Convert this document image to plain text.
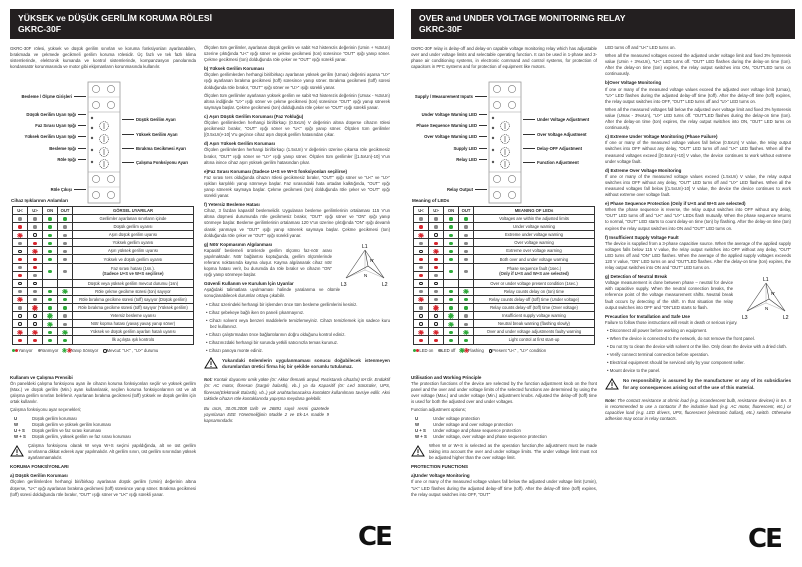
YÜKSEK ve DÜŞÜK GERİLİM KORUMA RÖLESİ
GKRC-30F
GKRC-30F rölesi, yüksek ve düşük gerilim sınırları ve koruma fonksiyonları ayarlanabilen, bırakmada ve çekmede gecikmeli gerilim koruma rölesidir. Üç fazlı ve tek fazlı klima sistemlerinde, elektronik kumanda ve kontrol sistemlerinde, kompanzasyon panolarında kondansatör korunmasında ve motor gibi ekipmanların korunmasında kullanılır.
Besleme / Ölçme Girişleri
Düşük Gerilim Uyarı Işığı
Faz Sırası Uyarı Işığı
Yüksek Gerilim Uyarı Işığı
Besleme Işığı
Röle Işığı
Röle Çıkışı
Düşük Gerilim Ayarı
Yüksek Gerilim Ayarı
Bırakma Gecikmesi Ayarı
Çalışma Fonksiyonu Ayarı
Cihaz Işıklarının Anlamları
U<	U>	ON	OUT	GÖRSEL UYARILAR
				Gerilimler ayarlanan sınırların içinde
				Düşük gerilim uyarısı
				Aşırı düşük gerilim uyarısı
				Yüksek gerilim uyarısı
				Aşırı yüksek gerilim uyarısı
				Yüksek ve düşük gerilim uyarısı

				Faz sırası hatası (1sn.).
(Sadece U+S ve W+S seçilirse)

				Düşük veya yüksek gerilim mevcut durumu (1sn)
				Röle çekme gecikme süresi (ton) sayıyor
				Röle bırakma gecikme süresi (toff) sayıyor (Düşük gerilim)
				Röle bırakma gecikme süresi (toff) sayıyor (Yüksek gerilim)
				Yetersiz besleme uyarısı
				Nötr kopma hatası (yavaş yavaş yanıp söner)
				Yüksek ve düşük gerilim ayarları hatalı uyarısı
				İlk açılışta ışık kontrolü
Yanıyor	Yanmıyor	Yanıp Sönüyor	Mevcut: "U<" , "U>" durumu
Kullanım ve Çalışma Prensibi

Ön paneldeki çalışma fonksiyonu ayarı ile cihazın koruma fonksiyonları seçilir ve yüksek gerilim (Max.) ve düşük gerilim (Min.) ayarı kullanılarak, seçilen koruma fonksiyonlarının üst ve alt çalışma gerilim sınırları belirlenir. Ayarlanan bırakma gecikmesi (toff) yüksek ve düşük gerilim için ortak kullanılır.

Çalışma fonksiyonu ayar seçenekleri;

U	Düşük gerilim koruması
W	Düşük gerilim ve yüksek gerilim koruması
U + S	Düşük gerilim ve faz sırası koruması
W + S	Düşük gerilim, yüksek gerilim ve faz sırası koruması
Çalışma fonksiyonu olarak W veya W+S seçimi yapıldığında, alt ve üst gerilim sınırlarına dikkat ederek ayar yapılmalıdır. Alt gerilim sınırı, üst gerilim sınırından yüksek ayarlanmamalıdır.
KORUMA FONKSİYONLARI
a) Düşük Gerilim Koruması

Ölçülen gerilimlerden herhangi biri/birkaçı ayarlanan düşük gerilim (Umin) değerinin altına düşerse, "U<" ışığı ayarlanan bırakma gecikmesi (toff) süresince yanıp söner. Bırakma gecikmesi (toff) süresi dolduğunda röle bırakır, "OUT" ışığı söner ve "U<" ışığı sürekli yanar.

Ölçülen tüm gerilimler, ayarlanan düşük gerilim ve sabit %3 histerezis değerinin (Umin + %3xUn) üzerine çıktığında "U<" ışığı söner ve çekme gecikmesi (ton) süresince "OUT" ışığı yanıp söner. Çekme gecikmesi (ton) dolduğunda röle çeker ve "OUT" ışığı sürekli yanar.

b) Yüksek Gerilim Koruması

Ölçülen gerilimlerden herhangi biri/birkaçı ayarlanan yüksek gerilim (Umax) değerini aşarsa "U>" ışığı ayarlanan bırakma gecikmesi (toff) süresince yanıp söner. Bırakma gecikmesi (toff) süresi dolduğunda röle bırakır, "OUT" ışığı söner ve "U>" ışığı sürekli yanar.

Ölçülen tüm gerilimler ayarlanan yüksek gerilim ve sabit %3 histerezis değerinin (Umax - %3xUn) altına indiğinde "U>" ışığı söner ve çekme gecikmesi (ton) süresince "OUT" ışığı yanıp sönerek saymaya başlar. Çekme gecikmesi (ton) dolduğunda röle çeker ve "OUT" ışığı sürekli yanar.

c) Aşırı Düşük Gerilim Koruması (Faz Yokluğu)

Ölçülen gerilimlerden herhangi biri/birkaçı (0.5xUn) V değerinin altına düşerse cihazın rölesi gecikmesiz bırakır, "OUT" ışığı söner ve "U<" ışığı yanıp söner. Ölçülen tüm gerilimler [(0.5xUn)+10] V'u geçince cihaz aşırı düşük gerilim hatasından çıkar.

d) Aşırı Yüksek Gerilim Koruması

Ölçülen gerilimlerden herhangi biri/birkaçı (1.5xUn) V değerinin üzerine çıkarsa röle gecikmesiz bırakır, "OUT" ışığı söner ve "U>" ışığı yanıp söner. Ölçülen tüm gerilimler [(1.5xUn)-10] V'un altına inince cihaz aşırı yüksek gerilim hatasından çıkar.

e)Faz Sırası Koruması (Sadece U+S ve W+S fonksiyonları seçilirse)

Faz sırası ters olduğunda cihazın rölesi gecikmesiz bırakır, "OUT" ışığı söner ve "U<" ve "U>" ışıkları karşılıklı yanıp sönmeye başlar. Faz sırasındaki hata ortadan kalktığında, "OUT" ışığı yanıp sönerek saymaya başlar. Çekme gecikmesi (ton) dolduğunda röle çeker ve "OUT" ışığı sürekli yanar.

f) Yetersiz Besleme Hatası

Cihaz, 3 fazdan kapasitif beslemelidir. Uygulanan besleme gerilimlerinin ortalaması 115 V'un altına düşmesi durumunda röle gecikmesiz bırakır, "OUT" ışığı söner ve "ON" ışığı yanıp sönmeye başlar. Besleme gerilimlerinin ortalaması 120 V'un üzerine çıktığında "ON" ışığı devamlı olarak yanmaya ve "OUT" ışığı yanıp sönerek saymaya başlar. Çekme gecikmesi (ton) dolduğunda röle çeker ve "OUT" ışığı sürekli yanar.

g) Nötr Kopmasının Algılanması

Kapasitif beslemeli ürünlerde gerilim ölçümü faz-nötr arası yapılmaktadır. Nötr bağlantısı koptuğunda, gerilim ölçümlerinde referans noktasında kayma oluşur. Kayma algılanarak cihaz nötr kopma hatası verir, bu durumda da röle bırakır ve cihazın "ON" ışığı yanıp sönmeye başlar.

L1
L2
L3
N
N'
Güvenli Kullanım ve Kurulum İçin Uyarılar

Aşağıdaki talimatlara uyulmaması halinde yaralanma ve ölümle sonuçlanabilecek durumlar ortaya çıkabilir.

• Cihaz üzerindeki herhangi bir işlemden önce tüm besleme gerilimlerini kesiniz.

• Cihaz şebekeye bağlı iken ön paneli çıkarmayınız.

• Cihazı solvent veya benzeri maddelerle temizlemeyiniz. Cihazı temizlemek için sadece kuru bez kullanınız.

• Cihazı çalıştırmadan önce bağlantılarının doğru olduğunu kontrol ediniz.

• Cihazınızdaki herhangi bir sorunda yetkili satıcınızla temas kurunuz.

• Cihazı panoya monte ediniz.

Yukarıdaki önlemlerin uygulanmaması sonucu doğabilecek istenmeyen durumlardan üretici firma hiç bir şekilde sorumlu tutulamaz.

Not: Kontak dayanımı omik yükte (ör: Akkor flemanlı ampul, Rezistanslı cihazlar) 8A'dir. Endüktif (ör: AC motor, floresan (Sargılı balastlı), vb..) ya da Kapasitif (ör: Led Sürücüler, UPS, floresan(Elektronik Balastlı), vb..) yük anahtarlanacaksa kontaktör kullanılması tavsiye edilir. Aksi taktirde cihazın röle kontaklarında yapışma meydana gelebilir.

Bu ürün, 30.05.2008 tarih ve 26891 sayılı resmi gazetede yayınlanan EEE Yönetmeliğinin Madde 2 ve Ek-1A madde 9 kapsamındadır.

CE
OVER and UNDER VOLTAGE MONITORING RELAY
GKRC-30F
GKRC-30F relay is delay-off and delay-on capable voltage monitoring relay which has adjustable over and under voltage limits and selectable operating function. It can be used in 1-phase and 3-phase air conditioning systems, in electronic command and control systems, for protection of capacitors in PFC systems and for protection of equipment like motors.
Supply / Measurement Inputs
Under Voltage Warning LED
Phase Sequence Warning LED
Over Voltage Warning LED
Supply LED
Relay LED
Relay Output
Under Voltage Adjustment
Over Voltage Adjustment
Delay-OFF Adjustment
Function Adjustment
Meaning of LEDs
U<	U>	ON	OUT	MEANING OF LEDs
				Voltages are within the adjusted limits
				Under voltage warning
				Extreme under voltage warning
				Over voltage warning
				Extreme over voltage warning
				Both over and under voltage warning

				Phase sequence fault (1sec.)
(Only if U+S and W+S are selected)

				Over or under voltage present condition (1sec.)
				Relay counts delay on (ton) time
				Relay counts delay-off (toff) time (Under voltage)
				Relay counts delay-off (toff) time (Over voltage)
				Insufficient supply voltage warning
				Neutral break warning (flashing slowly)
				Over and under voltage adjustments faulty warning
				Light control at first start-up
LED on	LED off	Flashing	Present "U<" , "U>" condition
Utilisation and Working Principle

The protection functions of the device are selected by the function adjustment knob on the front panel and the over and under voltage limits of the selected functions are determined by using the over voltage (Max.) and under voltage (Min.) adjustment knobs. Adjusted the delay-off (toff) time is used for both the adjusted over and under voltages.

Function adjustment options;

U	Under voltage protection
W	Under voltage and over voltage protection
U + S	Under voltage and phase sequence protection
W + S	Under voltage, over voltage and phase sequence protection
When W or W+S is selected as the operation function,the adjustment must be made taking into account the over and under voltage limits. The under voltage limit must not be adjusted higher than the over voltage limit.
PROTECTION FUNCTIONS
a)Under Voltage Monitoring

If one or many of the measured voltage values fall below the adjusted under voltage limit (Umin), "U<" LED flashes during the adjusted delay-off time (toff). After the delay-off time (toff) expires, the relay output switches into OFF, "OUT"

LED turns off and "U<" LED turns on.

When all the measured voltages exceed the adjusted under voltage limit and fixed 3% hysteresis value (Umin + 3%xUn), "U<" LED turns off. "OUT" LED flashes during the delay-on time (ton). After the delay-on time (ton) expires, the relay output switches into ON, "OUT"LED turns on continuously.

b)Over Voltage Monitoring

If one or many of the measured voltage values exceed the adjusted over voltage limit (Umax), "U>" LED flashes during the adjusted delay-off time (toff). After the delay-off time (toff) expires, the relay output switches into OFF, "OUT" LED turns off and "U>" LED turns on.

When all the measured voltages fall below the adjusted over voltage limit and fixed 3% hysteresis value (Umax - 3%xUn), "U>" LED turns off. "OUT"LED flashes during the delay-on time (ton). After the delay-on time (ton) expires, the relay output switches into ON, "OUT" LED turns on continuously.

c) Extreme Under Voltage Monitoring (Phase Failure)

If one or many of the measured voltage values fall below (0.5xUn) V value, the relay output switches into OFF without any delay, "OUT" LED turns off and "U<" LED flashes. When all the measured voltages exceed [(0.5xUn)+10] V value, the device continues to work without extreme under voltage fault.

d) Extreme Over Voltage Monitoring

If one or many of the measured voltage values exceed (1.5xUn) V value, the relay output switches into OFF without any delay, "OUT" LED turns off and "U>" LED flashes. When all the measured voltages fall below [(1.5xUn)-10] V value, the device the device continues to work without extreme over voltage fault.

e) Phase Sequence Protection (Only if U+S and W+S are selected)

When the phase sequence is reverse, the relay output switches into OFF without any delay, "OUT" LED turns off and "U<" and "U>" LEDs flash mutually. When the phase sequence returns to normal, "OUT" LED starts to count delay-on time (ton) by flashing. After the delay-on time (ton) expires the relay output switches into ON and "OUT" LED turns on.

f) Insufficient Supply Voltage Fault

The device is supplied from a 3-phase capacitive source. When the average of the applied supply voltages falls below 115 V value, the relay output switches into OFF without any delay, "OUT" LED turns off and "ON" LED flashes. When the average of the applied supply voltages exceeds 120 V value, "ON" LED turns on and "OUT"LED flashes. After the delay-on time (ton) expires, the relay output switches into ON and "OUT" LED turns on.

g) Detection of Neutral Break

Voltage measurement is done between phase – neutral for device with capacitive supply. When the neutral connection breaks, the reference point of the voltage measurement shifts. Neutral break fault occurs by detecting of the shift. In that situation the relay output switches into OFF and "ON"LED starts to flash.

L1
L2
L3
N
N'
Precaution for Installation and Safe Use

Failure to follow those instructions will result in death or serious injury.

• Disconnect all power before working on equipment.

• When the device is connected to the network, do not remove the front panel.

• Do not try to clean the device with solvent or the like. Only clean the device with a dried cloth.

• Verify connect terminal connection before operation.

• Electrical equipment should be serviced only by your component seller.

• Mount device to the panel.

No responsibility is assured by the manufacturer or any of its subsidiaries for any consequences arising out of the use of this material.

Note: The contact resistance at ohmic load (e.g. incandescent bulb, resistance devices) is 8A. It is recommended to use a contactor if the inductive load (e.g. AC motor, fluorescent, etc.) or capacitive load (e.g. LED drivers, UPS, fluorescent (electronic ballast), etc.) switch. Otherwise adhesion may occur in relay contacts.

CE
